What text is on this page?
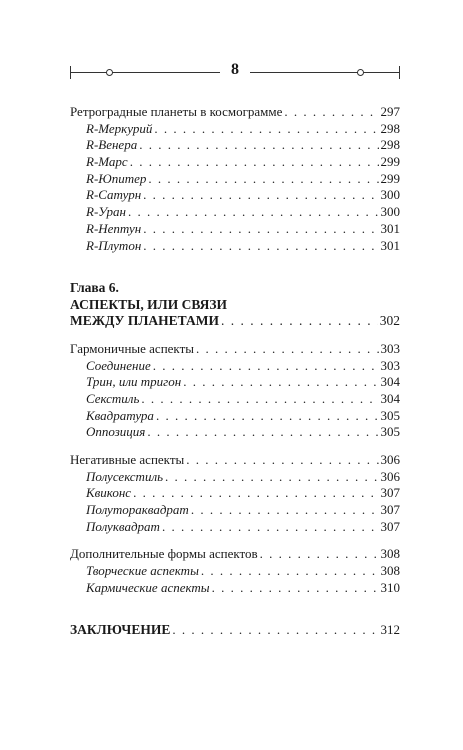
8
Ретроградные планеты в космограмме . . .	297
R-Меркурий . . .	298
R-Венера . . .	298
R-Марс . . .	299
R-Юпитер . . .	299
R-Сатурн . . .	300
R-Уран . . .	300
R-Нептун . . .	301
R-Плутон . . .	301
Глава 6.
АСПЕКТЫ, ИЛИ СВЯЗИ
МЕЖДУ ПЛАНЕТАМИ . . .	302
Гармоничные аспекты . . .	303
Соединение . . .	303
Трин, или тригон . . .	304
Секстиль . . .	304
Квадратура . . .	305
Оппозиция . . .	305
Негативные аспекты . . .	306
Полусекстиль . . .	306
Квиконс . . .	307
Полутораквадрат . . .	307
Полуквадрат . . .	307
Дополнительные формы аспектов . . .	308
Творческие аспекты . . .	308
Кармические аспекты . . .	310
ЗАКЛЮЧЕНИЕ . . .	312
